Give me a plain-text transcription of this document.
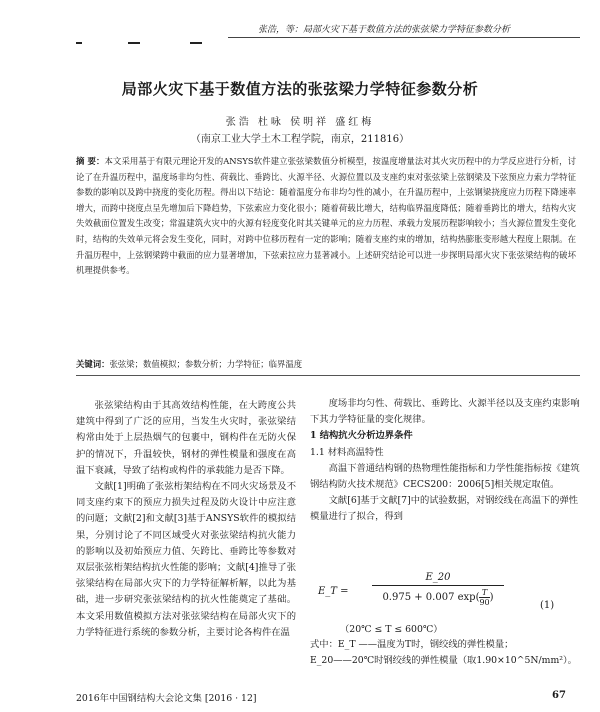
张浩，等：局部火灾下基于数值方法的张弦梁力学特征参数分析
局部火灾下基于数值方法的张弦梁力学特征参数分析
张浩 杜咏 侯明祥 盛红梅
（南京工业大学土木工程学院，南京，211816）
摘 要：本文采用基于有限元理论开发的ANSYS软件建立张弦梁数值分析模型，按温度增量法对其火灾历程中的力学反应进行分析，讨论了在升温历程中，温度场非均匀性、荷载比、垂跨比、火源半径、火源位置以及支座约束对张弦梁上弦钢梁及下弦预应力索力学特征参数的影响以及跨中挠度的变化历程。得出以下结论：随着温度分布非均匀性的减小，在升温历程中，上弦钢梁挠度应力历程下降速率增大，而跨中挠度点呈先增加后下降趋势，下弦索应力变化很小；随着荷载比增大，结构临界温度降低；随着垂跨比的增大，结构火灾失效截面位置发生改变；常温建筑火灾中的火源有轻度变化时其关键单元的应力历程、承载力发展历程影响较小；当火源位置发生变化时，结构的失效单元将会发生变化，同时，对跨中位移历程有一定的影响；随着支座约束的增加，结构热膨胀变形越大程度上限制。在升温历程中，上弦钢梁跨中截面的应力显著增加，下弦索拉应力显著减小。上述研究结论可以进一步探明局部火灾下张弦梁结构的破坏机理提供参考。
关键词：张弦梁；数值模拟；参数分析；力学特征；临界温度

张弦梁结构由于其高效结构性能，在大跨度公共建筑中得到了广泛的应用，当发生火灾时，张弦梁结构常由处于上层热烟气的包裹中，钢构件在无防火保护的情况下，升温较快，钢材的弹性模量和强度在高温下衰减，导致了结构或构件的承载能力是否下降。

文献[1]明确了张弦桁架结构在不同火灾场景及不同支座约束下的预应力损失过程及防火设计中应注意的问题；文献[2]和文献[3]基于ANSYS软件的模拟结果，分别讨论了不同区域受火对张弦梁结构抗火能力的影响以及初始预应力值、矢跨比、垂跨比等参数对双层张弦桁架结构抗火性能的影响；文献[4]推导了张弦梁结构在局部火灾下的力学特征解析解，以此为基础，进一步研究张弦梁结构的抗火性能奠定了基础。本文采用数值模拟方法对张弦梁结构在局部火灾下的力学特征进行系统的参数分析，主要讨论各构件在温

度场非均匀性、荷载比、垂跨比、火源半径以及支座约束影响下其力学特征量的变化规律。

1 结构抗火分析边界条件

1.1 材料高温特性

高温下普通结构钢的热物理性能指标和力学性能指标按《建筑钢结构防火技术规范》CECS200：2006[5]相关规定取值。

文献[6]基于文献[7]中的试验数据，对钢绞线在高温下的弹性模量进行了拟合，得到

E_T =
E_20
0.975 + 0.007 $\exp( \frac{T}{90}$ )
(1)
（20℃ ≤ T ≤ 600℃）

式中：E_T ——温度为T时，钢绞线的弹性模量；

E_20——20℃时钢绞线的弹性模量（取1.90×10^5N/mm²）。

2016年中国钢结构大会论文集 [2016 · 12]	67
